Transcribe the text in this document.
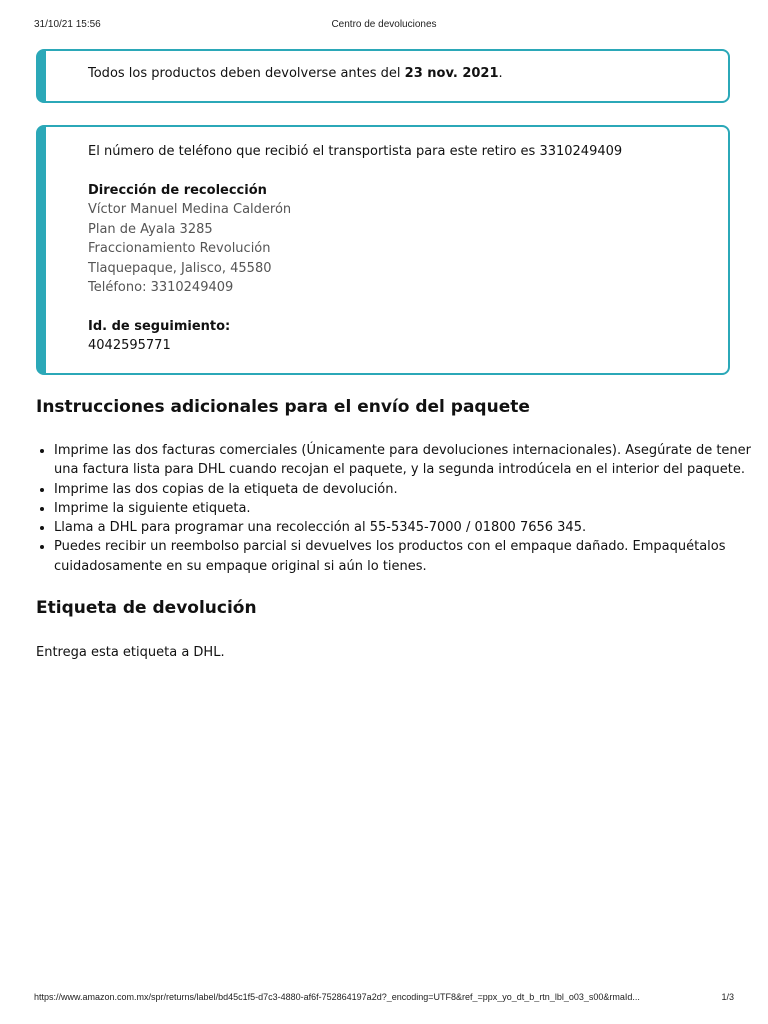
31/10/21 15:56	Centro de devoluciones
Todos los productos deben devolverse antes del 23 nov. 2021.
El número de teléfono que recibió el transportista para este retiro es 3310249409
Dirección de recolección
Víctor Manuel Medina Calderón
Plan de Ayala 3285
Fraccionamiento Revolución
Tlaquepaque, Jalisco, 45580
Teléfono: 3310249409
Id. de seguimiento:
4042595771
Instrucciones adicionales para el envío del paquete
• Imprime las dos facturas comerciales (Únicamente para devoluciones internacionales). Asegúrate de tener una factura lista para DHL cuando recojan el paquete, y la segunda introdúcela en el interior del paquete.
• Imprime las dos copias de la etiqueta de devolución.
• Imprime la siguiente etiqueta.
• Llama a DHL para programar una recolección al 55-5345-7000 / 01800 7656 345.
• Puedes recibir un reembolso parcial si devuelves los productos con el empaque dañado. Empaquétalos cuidadosamente en su empaque original si aún lo tienes.
Etiqueta de devolución
Entrega esta etiqueta a DHL.
https://www.amazon.com.mx/spr/returns/label/bd45c1f5-d7c3-4880-af6f-752864197a2d?_encoding=UTF8&ref_=ppx_yo_dt_b_rtn_lbl_o03_s00&rmaId...	1/3
